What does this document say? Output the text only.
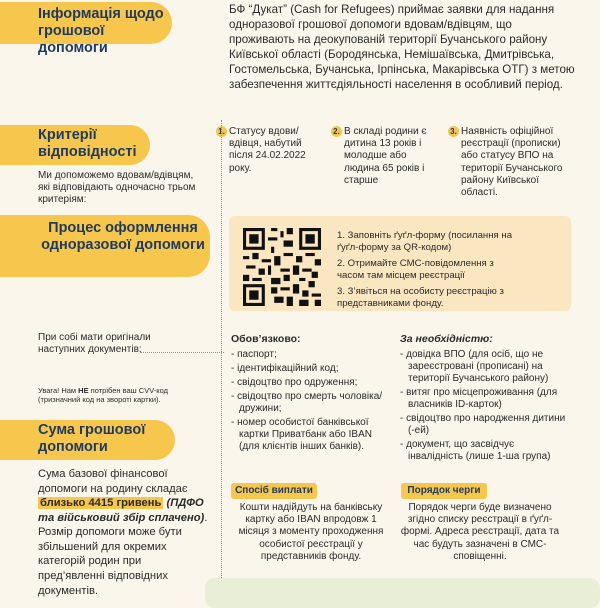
Інформація щодо грошової допомоги
БФ “Дукат” (Cash for Refugees) приймає заявки для надання одноразової грошової допомоги вдовам/вдівцям, що проживають на деокупованій території Бучанського району Київської області (Бородянська, Немішаївська, Дмитрівська, Гостомельська, Бучанська, Ірпінська, Макарівська ОТГ) з метою забезпечення життєдіяльності населення в особливий період.
Критерії відповідності
Ми допоможемо вдовам/вдівцям, які відповідають одночасно трьом критеріям:
1. Статусу вдови/вдівця, набутий після 24.02.2022 року.
2. В складі родини є дитина 13 років і молодше або людина 65 років і старше
3. Наявність офіційної реєстрації (прописки) або статусу ВПО на території Бучанського району Київської області.
Процес оформлення одноразової допомоги
1. Заповніть ґуґл-форму (посилання на ґуґл-форму за QR-кодом)
2. Отримайте СМС-повідомлення з часом там місцем реєстрації
3. З’явіться на особисту реєстрацію з представниками фонду.
При собі мати оригінали наступних документів:
Увага! Нам НЕ потрібен ваш CVV-код (тризначний код на звороті картки).
Обов’язково:
- паспорт;
- ідентифікаційний код;
- свідоцтво про одруження;
- свідоцтво про смерть чоловіка/дружини;
- номер особистої банківської картки Приватбанк або IBAN (для клієнтів інших банків).
За необхідністю:
- довідка ВПО (для осіб, що не зареєстровані (прописані) на території Бучанського району)
- витяг про місцепроживання (для власників ID-карток)
- свідоцтво про народження дитини (-ей)
- документ, що засвідчує інвалідність (лише 1-ша група)
Сума грошової допомоги
Сума базової фінансової допомоги на родину складає близько 4415 гривень (ПДФО та військовий збір сплачено). Розмір допомоги може бути збільшений для окремих категорій родин при пред’явленні відповідних документів.
Спосіб виплати
Кошти надійдуть на банківську картку або IBAN впродовж 1 місяця з моменту проходження особистої реєстрації у представників фонду.
Порядок черги
Порядок черги буде визначено згідно списку реєстрації в ґуґл-формі. Адреса реєстрації, дата та час будуть зазначені в СМС-сповіщенні.
